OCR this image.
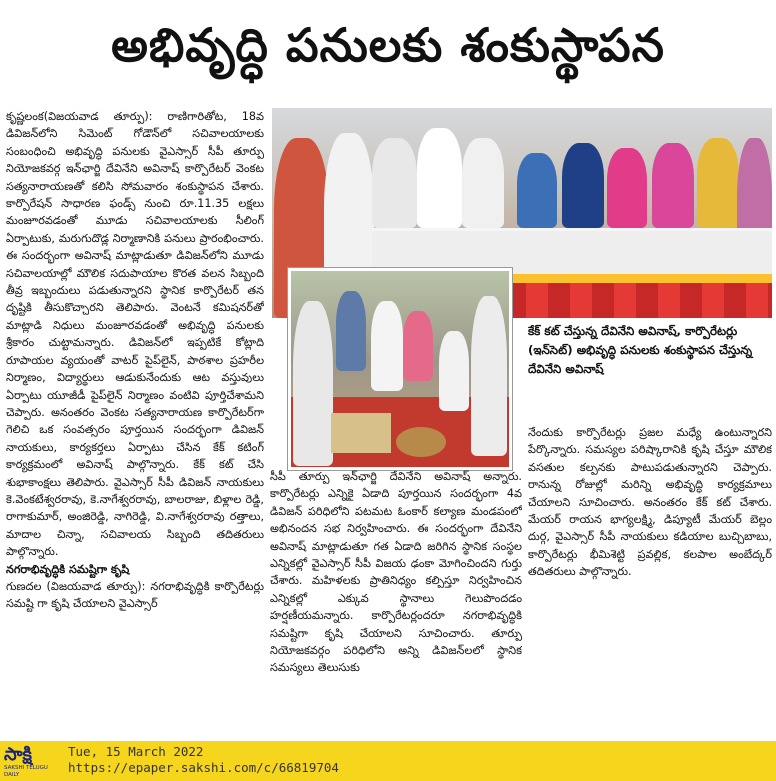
అభివృద్ధి పనులకు శంకుస్థాపన

కృష్ణలంక(విజయవాడ తూర్పు): రాణిగారితోట, 18వ డివిజన్‌లోని సిమెంట్ గోడౌన్‌లో సచివాలయాలకు సంబంధించి అభివృద్ధి పనులకు వైఎస్సార్ సీపీ తూర్పు నియోజకవర్గ ఇన్‌ఛార్జి దేవినేని అవినాష్ కార్పొరేటర్ వెంకట సత్యనారాయణతో కలిసి సోమవారం శంకుస్థాపన చేశారు. కార్పొరేషన్ సాధారణ ఫండ్స్ నుంచి రూ.11.35 లక్షలు మంజూరవడంతో మూడు సచివాలయాలకు సీలింగ్ ఏర్పాటుకు, మరుగుదొడ్ల నిర్మాణానికి పనులు ప్రారంభించారు. ఈ సందర్భంగా అవినాష్ మాట్లాడుతూ డివిజన్‌లోని మూడు సచివాలయాల్లో మౌలిక సదుపాయాల కొరత వలన సిబ్బంది తీవ్ర ఇబ్బందులు పడుతున్నారని స్థానిక కార్పొరేటర్ తన దృష్టికి తీసుకొచ్చారని తెలిపారు. వెంటనే కమిషనర్‌తో మాట్లాడి నిధులు మంజూరవడంతో అభివృద్ధి పనులకు శ్రీకారం చుట్టామన్నారు. డివిజన్‌లో ఇప్పటికే కోట్లాది రూపాయల వ్యయంతో వాటర్ పైప్‌లైన్, పాఠశాల ప్రహరీల నిర్మాణం, విద్యార్థులు ఆడుకునేందుకు ఆట వస్తువులు ఏర్పాటు యూజీడీ పైప్‌లైన్ నిర్మాణం వంటివి పూర్తిచేశామని చెప్పారు. అనంతరం వెంకట సత్యనారాయణ కార్పొరేటర్‌గా గెలిచి ఒక సంవత్సరం పూర్తయిన సందర్భంగా డివిజన్ నాయకులు, కార్యకర్తలు ఏర్పాటు చేసిన కేక్ కటింగ్ కార్యక్రమంలో అవినాష్ పాల్గొన్నారు. కేక్ కట్ చేసి శుభాకాంక్షలు తెలిపారు. వైఎస్సార్ సీపీ డివిజన్ నాయకులు కె.వెంకటేశ్వరరావు, కె.నాగేశ్వరరావు, బాలరాజు, బిళ్లాల రెడ్డి, రాగాకుమార్, అంజిరెడ్డి, నాగిరెడ్డి, వి.నాగేశ్వరరావు రత్తాలు, మాదాల చిన్నా, సచివాలయ సిబ్బంది తదితరులు పాల్గొన్నారు.

నగరాభివృద్ధికి సమష్టిగా కృషి

గుణదల (విజయవాడ తూర్పు): నగరాభివృద్ధికి కార్పొరేటర్లు సమష్టి గా కృషి చేయాలని వైఎస్సార్

కేక్ కట్ చేస్తున్న దేవినేని అవినాష్, కార్పొరేటర్లు (ఇన్‌సెట్) అభివృద్ధి పనులకు శంకుస్థాపన చేస్తున్న దేవినేని అవినాష్

సీపీ తూర్పు ఇన్‌ఛార్జి దేవినేని అవినాష్ అన్నారు. కార్పొరేటర్లు ఎన్నికై ఏడాది పూర్తయిన సందర్భంగా 4వ డివిజన్ పరిధిలోని పటమట ఓంకార్ కల్యాణ మండపంలో అభినందన సభ నిర్వహించారు. ఈ సందర్భంగా దేవినేని అవినాష్ మాట్లాడుతూ గత ఏడాది జరిగిన స్థానిక సంస్థల ఎన్నికల్లో వైఎస్సార్ సీపీ విజయ ఢంకా మోగించిందని గుర్తు చేశారు. మహిళలకు ప్రాతినిధ్యం కల్పిస్తూ నిర్వహించిన ఎన్నికల్లో ఎక్కువ స్థానాలు గెలుపొందడం హర్షణీయమన్నారు. కార్పొరేటర్లందరూ నగరాభివృద్ధికి సమష్టిగా కృషి చేయాలని సూచించారు. తూర్పు నియోజకవర్గం పరిధిలోని అన్ని డివిజన్‌లలో స్థానిక సమస్యలు తెలుసుకు

నేందుకు కార్పొరేటర్లు ప్రజల మధ్యే ఉంటున్నారని పేర్కొన్నారు. సమస్యల పరిష్కారానికి కృషి చేస్తూ మౌలిక వసతుల కల్పనకు పాటుపడుతున్నారని చెప్పారు. రానున్న రోజుల్లో మరిన్ని అభివృద్ధి కార్యక్రమాలు చేయాలని సూచించారు. అనంతరం కేక్ కట్ చేశారు. మేయర్ రాయన భాగ్యలక్ష్మి, డిప్యూటీ మేయర్ బెల్లం దుర్గ, వైఎస్సార్ సీపీ నాయకులు కడియాల బుచ్చిబాబు, కార్పొరేటర్లు భీమిశెట్టి ప్రవల్లిక, కలపాల అంబేద్కర్ తదితరులు పాల్గొన్నారు.

సాక్షి
SAKSHI TELUGU DAILY
Tue, 15 March 2022
https://epaper.sakshi.com/c/66819704
